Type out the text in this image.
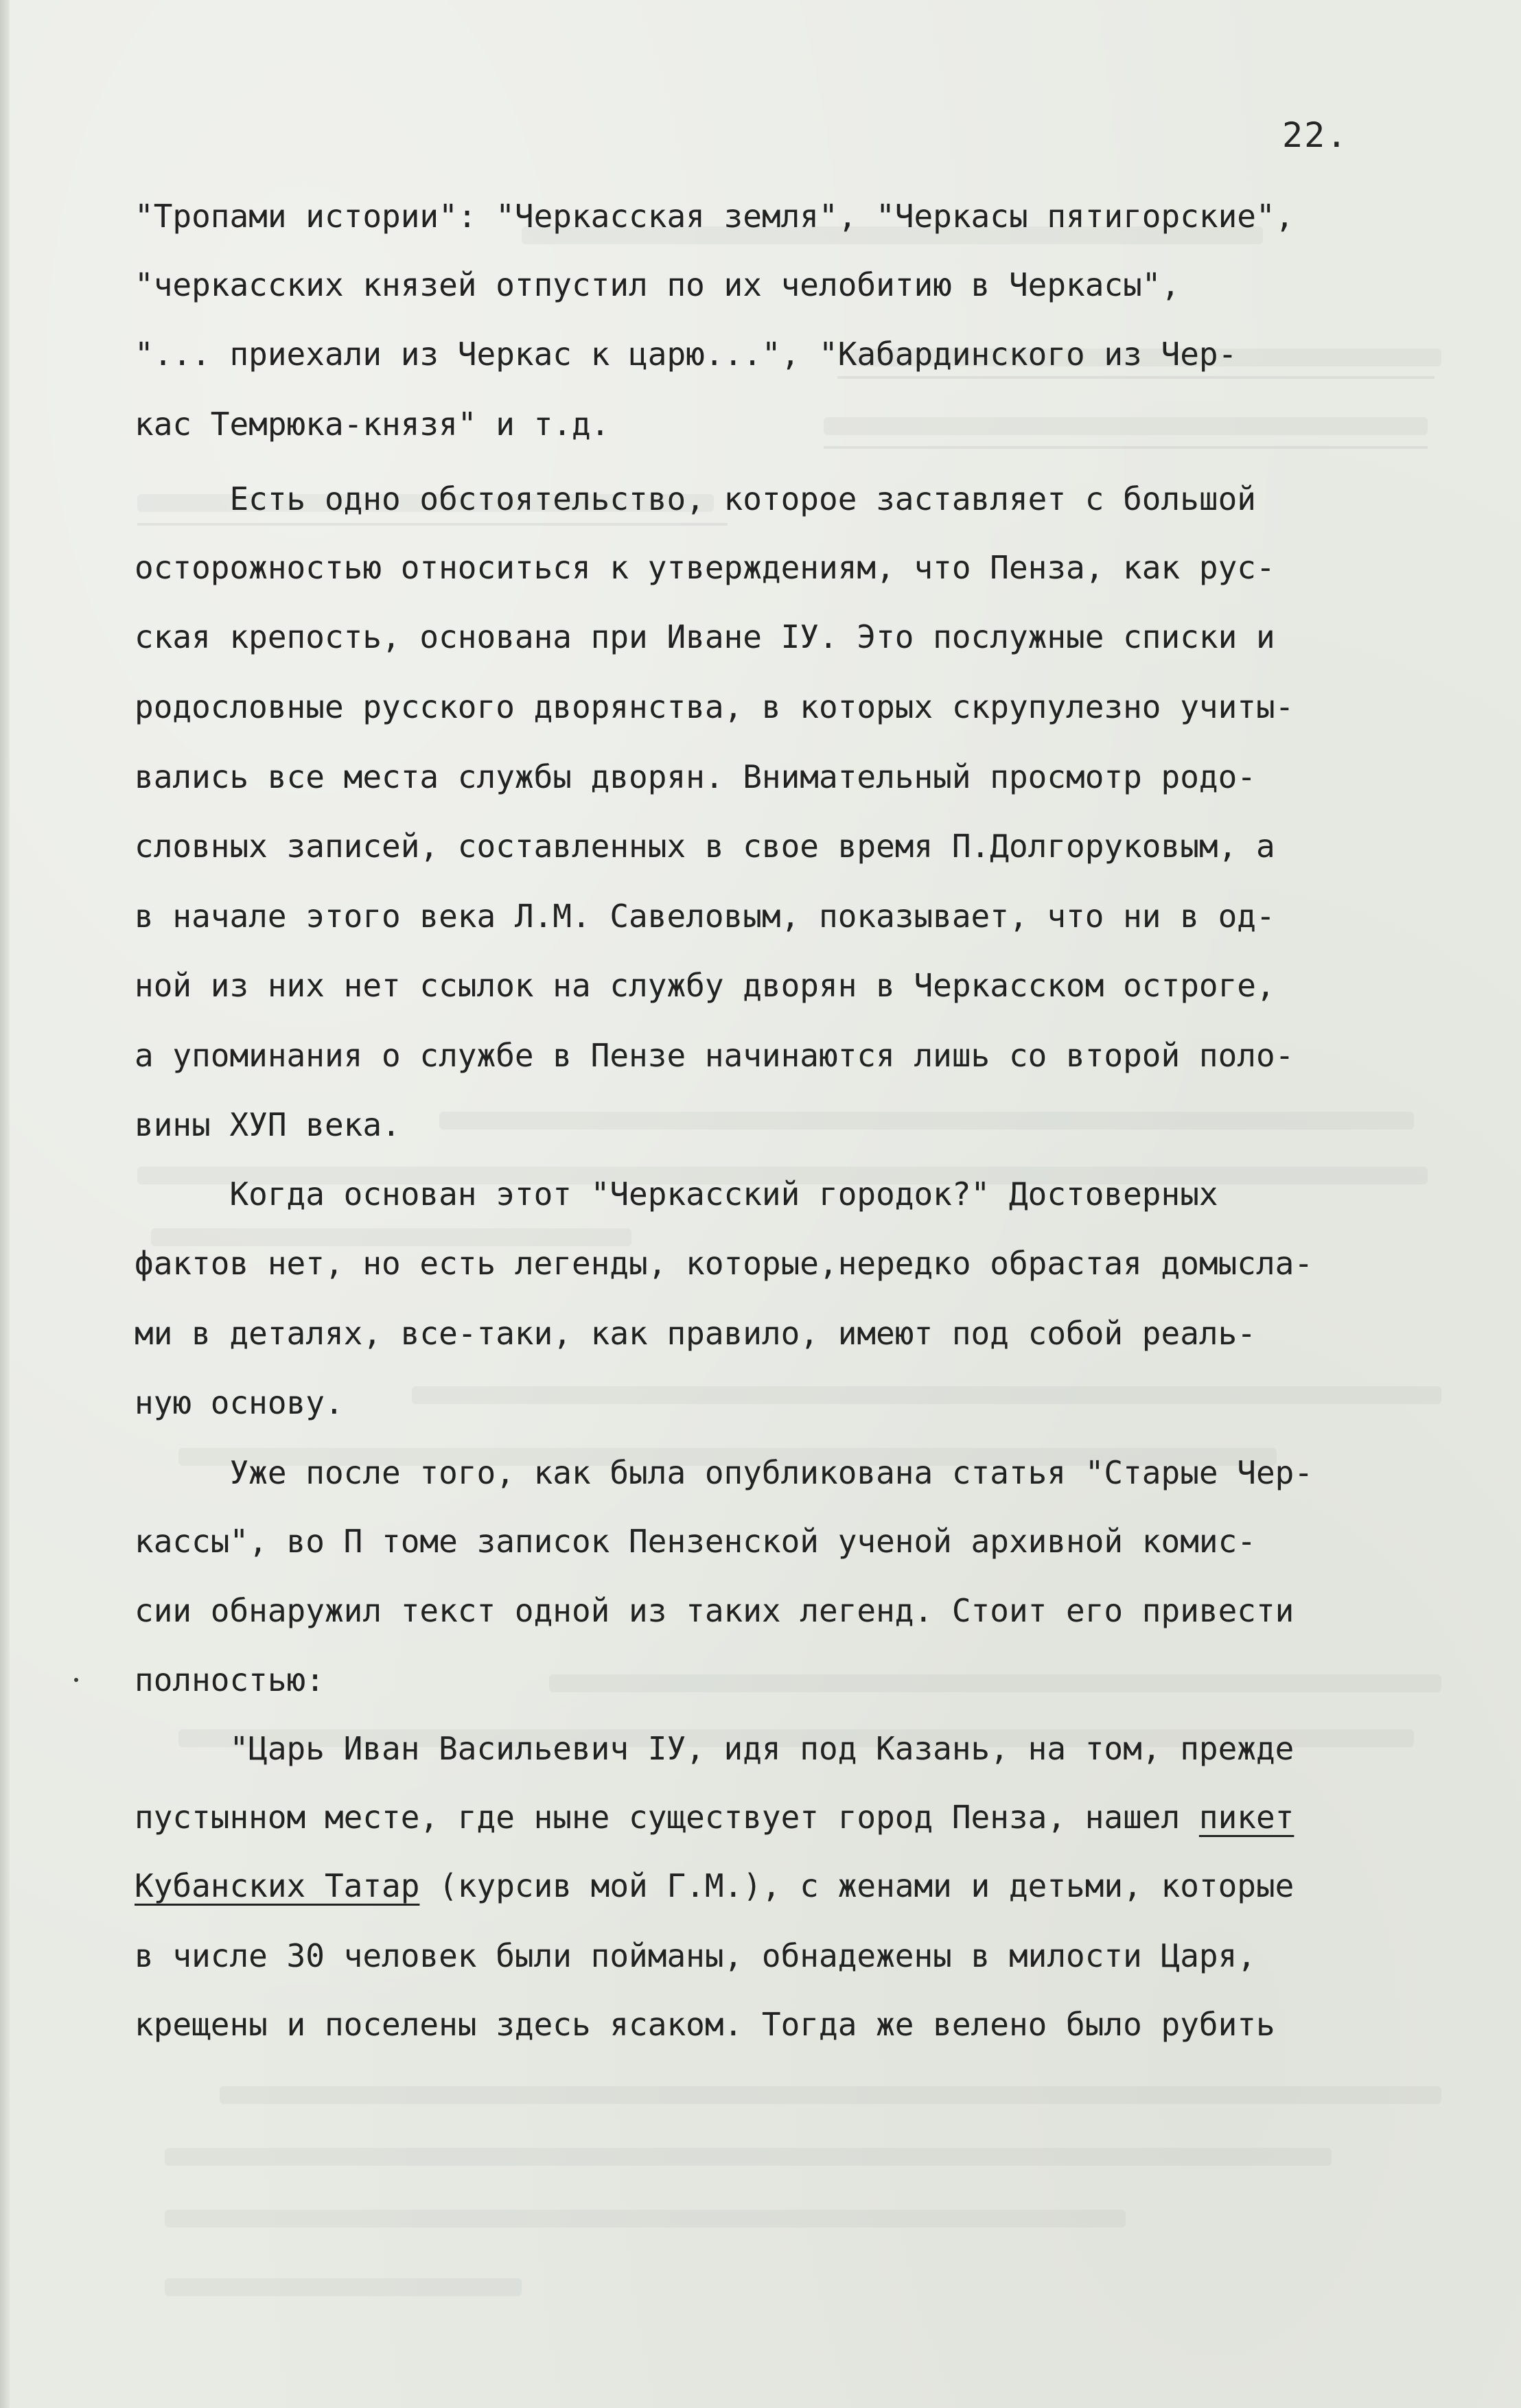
22.

"Тропами истории": "Черкасская земля", "Черкасы пятигорские",

"черкасских князей отпустил по их челобитию в Черкасы",

"... приехали из Черкас к царю...", "Кабардинского из Чер-

кас Темрюка-князя" и т.д.

Есть одно обстоятельство, которое заставляет с большой

осторожностью относиться к утверждениям, что Пенза, как рус-

ская крепость, основана при Иване IУ. Это послужные списки и

родословные русского дворянства, в которых скрупулезно учиты-

вались все места службы дворян. Внимательный просмотр родо-

словных записей, составленных в свое время П.Долгоруковым, а

в начале этого века Л.М. Савеловым, показывает, что ни в од-

ной из них нет ссылок на службу дворян в Черкасском остроге,

а упоминания о службе в Пензе начинаются лишь со второй поло-

вины ХУП века.

Когда основан этот "Черкасский городок?" Достоверных

фактов нет, но есть легенды, которые,нередко обрастая домысла-

ми в деталях, все-таки, как правило, имеют под собой реаль-

ную основу.

Уже после того, как была опубликована статья "Старые Чер-

кассы", во П томе записок Пензенской ученой архивной комис-

сии обнаружил текст одной из таких легенд. Стоит его привести

полностью:

"Царь Иван Васильевич IУ, идя под Казань, на том, прежде

пустынном месте, где ныне существует город Пенза, нашел пикет

Кубанских Татар (курсив мой Г.М.), с женами и детьми, которые

в числе 30 человек были пойманы, обнадежены в милости Царя,

крещены и поселены здесь ясаком. Тогда же велено было рубить
